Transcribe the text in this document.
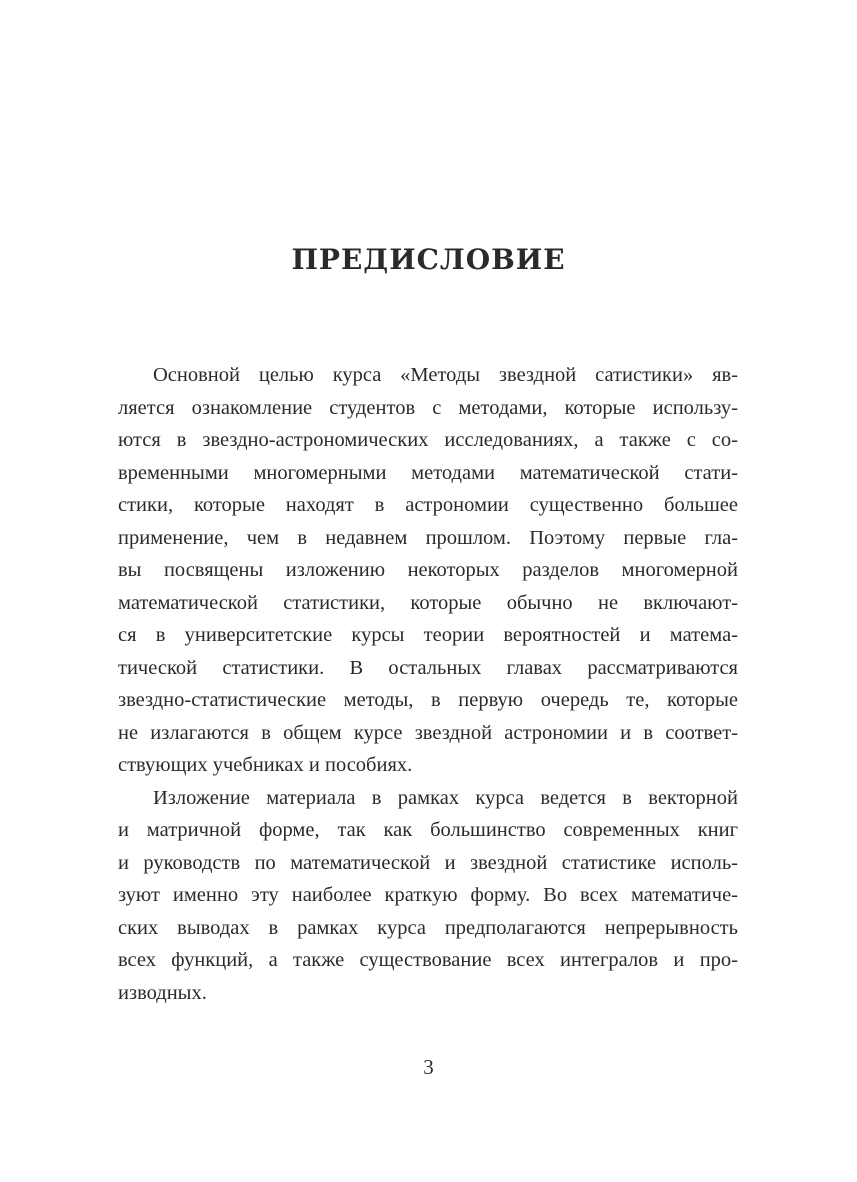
ПРЕДИСЛОВИЕ
Основной целью курса «Методы звездной сатистики» яв-
ляется ознакомление студентов с методами, которые использу-
ются в звездно-астрономических исследованиях, а также с со-
временными многомерными методами математической стати-
стики, которые находят в астрономии существенно большее
применение, чем в недавнем прошлом. Поэтому первые гла-
вы посвящены изложению некоторых разделов многомерной
математической статистики, которые обычно не включают-
ся в университетские курсы теории вероятностей и матема-
тической статистики. В остальных главах рассматриваются
звездно-статистические методы, в первую очередь те, которые
не излагаются в общем курсе звездной астрономии и в соответ-
ствующих учебниках и пособиях.
Изложение материала в рамках курса ведется в векторной
и матричной форме, так как большинство современных книг
и руководств по математической и звездной статистике исполь-
зуют именно эту наиболее краткую форму. Во всех математиче-
ских выводах в рамках курса предполагаются непрерывность
всех функций, а также существование всех интегралов и про-
изводных.
3
